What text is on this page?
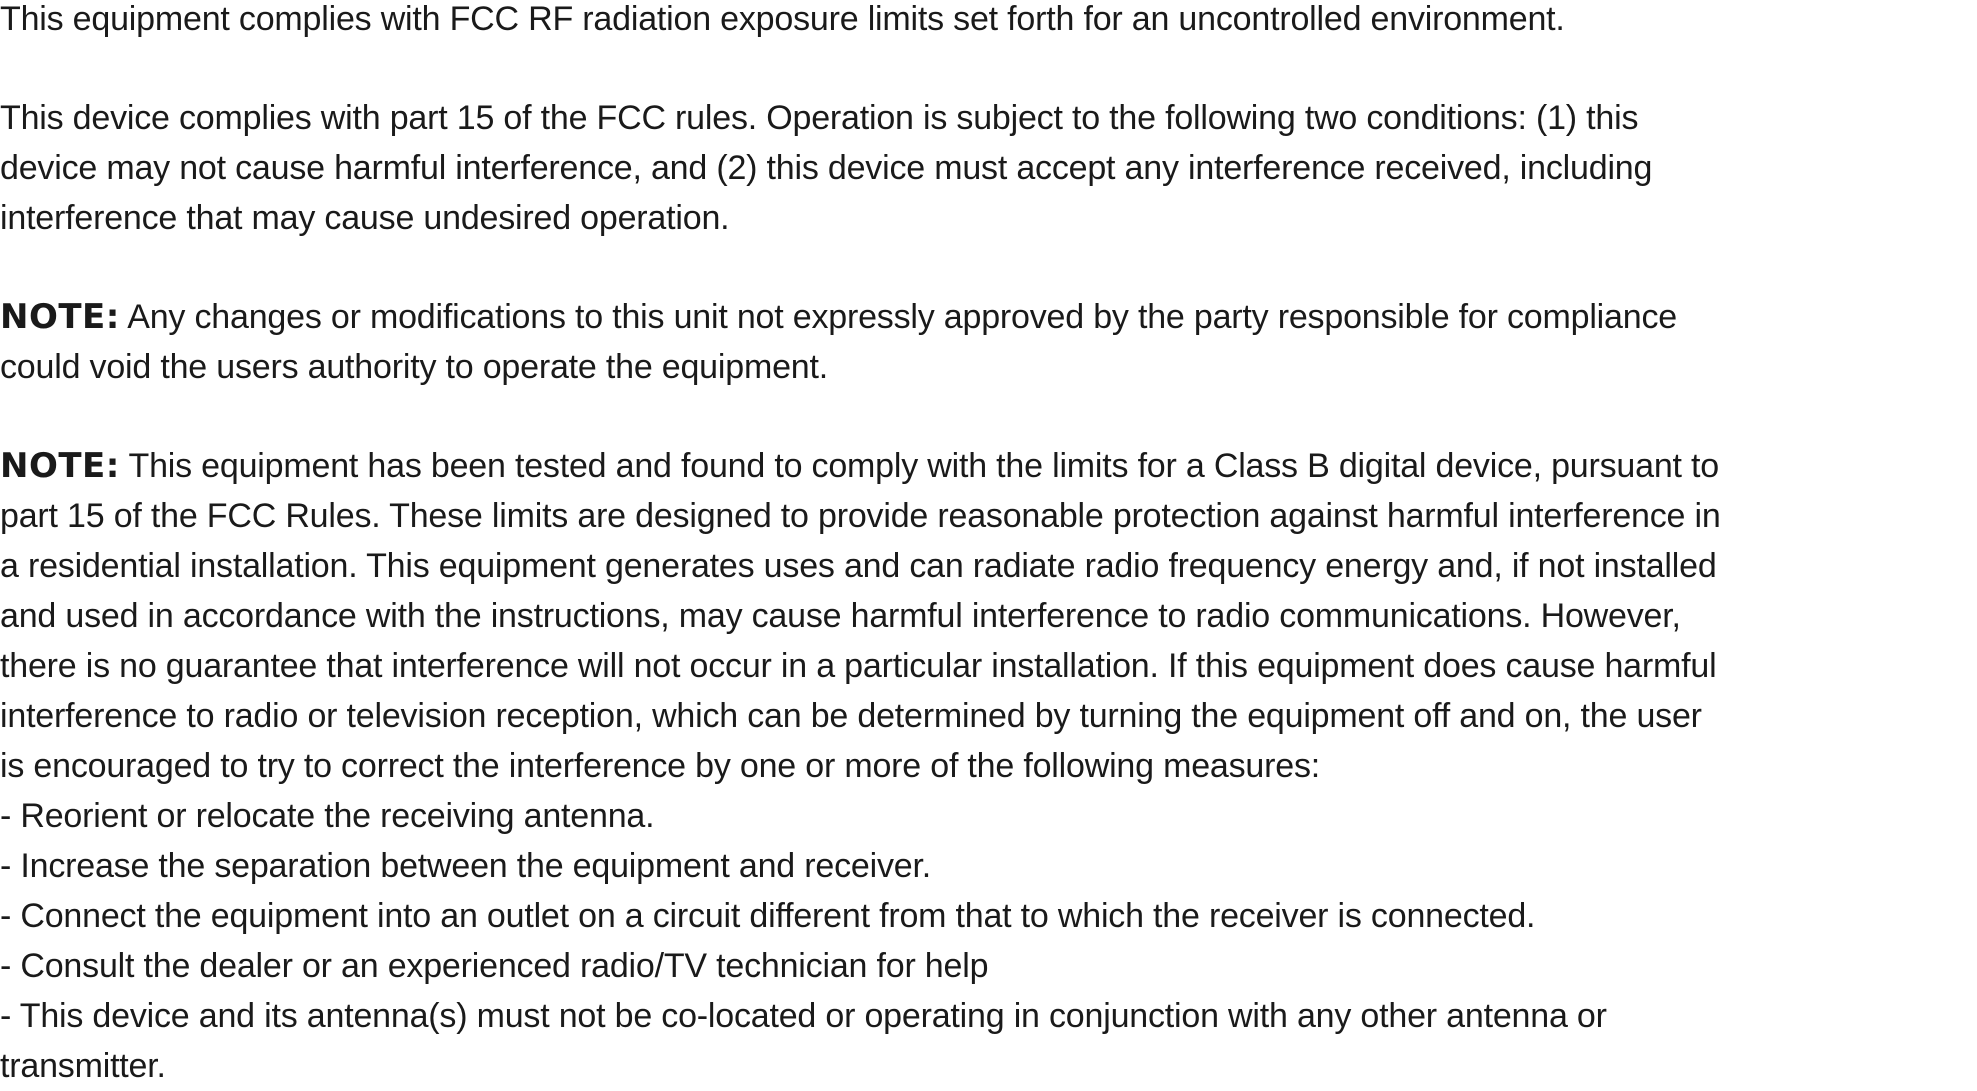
This equipment complies with FCC RF radiation exposure limits set forth for an uncontrolled environment.
This device complies with part 15 of the FCC rules. Operation is subject to the following two conditions: (1) this
device may not cause harmful interference, and (2) this device must accept any interference received, including
interference that may cause undesired operation.
NOTE: Any changes or modifications to this unit not expressly approved by the party responsible for compliance
could void the users authority to operate the equipment.
NOTE: This equipment has been tested and found to comply with the limits for a Class B digital device, pursuant to
part 15 of the FCC Rules. These limits are designed to provide reasonable protection against harmful interference in
a residential installation. This equipment generates uses and can radiate radio frequency energy and, if not installed
and used in accordance with the instructions, may cause harmful interference to radio communications. However,
there is no guarantee that interference will not occur in a particular installation. If this equipment does cause harmful
interference to radio or television reception, which can be determined by turning the equipment off and on, the user
is encouraged to try to correct the interference by one or more of the following measures:
- Reorient or relocate the receiving antenna.
- Increase the separation between the equipment and receiver.
- Connect the equipment into an outlet on a circuit different from that to which the receiver is connected.
- Consult the dealer or an experienced radio/TV technician for help
- This device and its antenna(s) must not be co-located or operating in conjunction with any other antenna or
transmitter.
